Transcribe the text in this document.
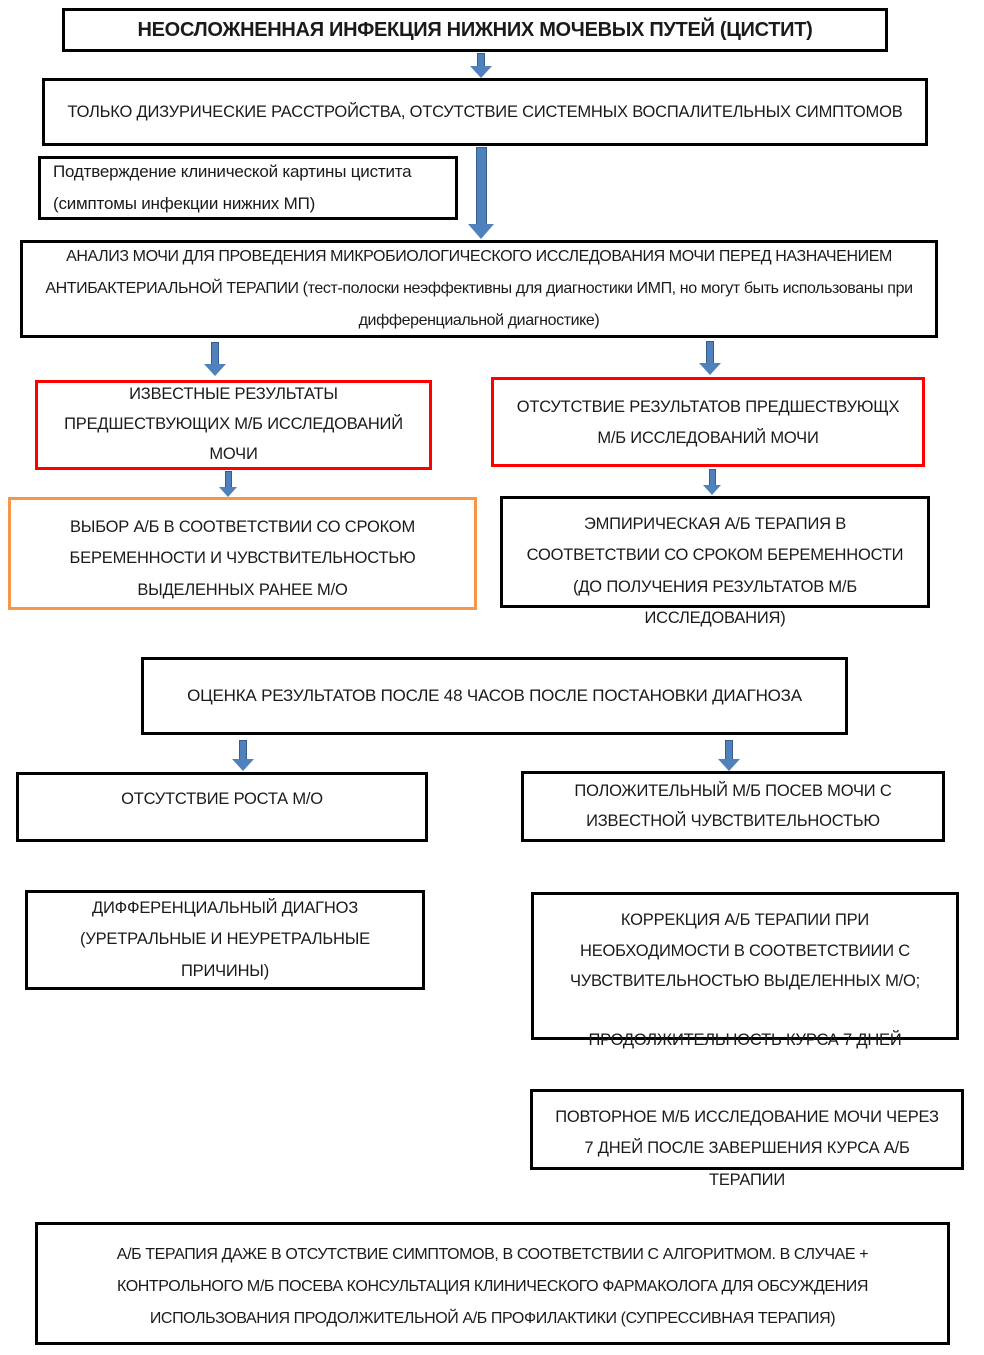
НЕОСЛОЖНЕННАЯ ИНФЕКЦИЯ НИЖНИХ МОЧЕВЫХ ПУТЕЙ (ЦИСТИТ)
ТОЛЬКО ДИЗУРИЧЕСКИЕ РАССТРОЙСТВА, ОТСУТСТВИЕ СИСТЕМНЫХ ВОСПАЛИТЕЛЬНЫХ СИМПТОМОВ
Подтверждение клинической картины цистита (симптомы инфекции нижних МП)
АНАЛИЗ МОЧИ ДЛЯ ПРОВЕДЕНИЯ МИКРОБИОЛОГИЧЕСКОГО ИССЛЕДОВАНИЯ МОЧИ ПЕРЕД НАЗНАЧЕНИЕМ АНТИБАКТЕРИАЛЬНОЙ ТЕРАПИИ (тест-полоски неэффективны для диагностики ИМП, но могут быть использованы при дифференциальной диагностике)
ИЗВЕСТНЫЕ РЕЗУЛЬТАТЫ ПРЕДШЕСТВУЮЩИХ М/Б ИССЛЕДОВАНИЙ МОЧИ
ОТСУТСТВИЕ РЕЗУЛЬТАТОВ ПРЕДШЕСТВУЮЩХ М/Б ИССЛЕДОВАНИЙ МОЧИ
ВЫБОР А/Б В СООТВЕТСТВИИ СО СРОКОМ БЕРЕМЕННОСТИ И ЧУВСТВИТЕЛЬНОСТЬЮ ВЫДЕЛЕННЫХ РАНЕЕ М/О
ЭМПИРИЧЕСКАЯ А/Б ТЕРАПИЯ В СООТВЕТСТВИИ СО СРОКОМ БЕРЕМЕННОСТИ (ДО ПОЛУЧЕНИЯ РЕЗУЛЬТАТОВ М/Б ИССЛЕДОВАНИЯ)
ОЦЕНКА РЕЗУЛЬТАТОВ ПОСЛЕ 48 ЧАСОВ ПОСЛЕ ПОСТАНОВКИ ДИАГНОЗА
ОТСУТСТВИЕ РОСТА М/О	ПОЛОЖИТЕЛЬНЫЙ М/Б ПОСЕВ МОЧИ С ИЗВЕСТНОЙ ЧУВСТВИТЕЛЬНОСТЬЮ
ДИФФЕРЕНЦИАЛЬНЫЙ ДИАГНОЗ (УРЕТРАЛЬНЫЕ И НЕУРЕТРАЛЬНЫЕ ПРИЧИНЫ)
КОРРЕКЦИЯ А/Б ТЕРАПИИ ПРИ НЕОБХОДИМОСТИ В СООТВЕТСТВИИИ С ЧУВСТВИТЕЛЬНОСТЬЮ ВЫДЕЛЕННЫХ М/О;
ПРОДОЛЖИТЕЛЬНОСТЬ КУРСА 7 ДНЕЙ
ПОВТОРНОЕ М/Б ИССЛЕДОВАНИЕ МОЧИ ЧЕРЕЗ 7 ДНЕЙ ПОСЛЕ ЗАВЕРШЕНИЯ КУРСА А/Б ТЕРАПИИ
А/Б ТЕРАПИЯ ДАЖЕ В ОТСУТСТВИЕ СИМПТОМОВ, В СООТВЕТСТВИИ С АЛГОРИТМОМ. В СЛУЧАЕ + КОНТРОЛЬНОГО М/Б ПОСЕВА КОНСУЛЬТАЦИЯ КЛИНИЧЕСКОГО ФАРМАКОЛОГА ДЛЯ ОБСУЖДЕНИЯ ИСПОЛЬЗОВАНИЯ ПРОДОЛЖИТЕЛЬНОЙ А/Б ПРОФИЛАКТИКИ (СУПРЕССИВНАЯ ТЕРАПИЯ)
